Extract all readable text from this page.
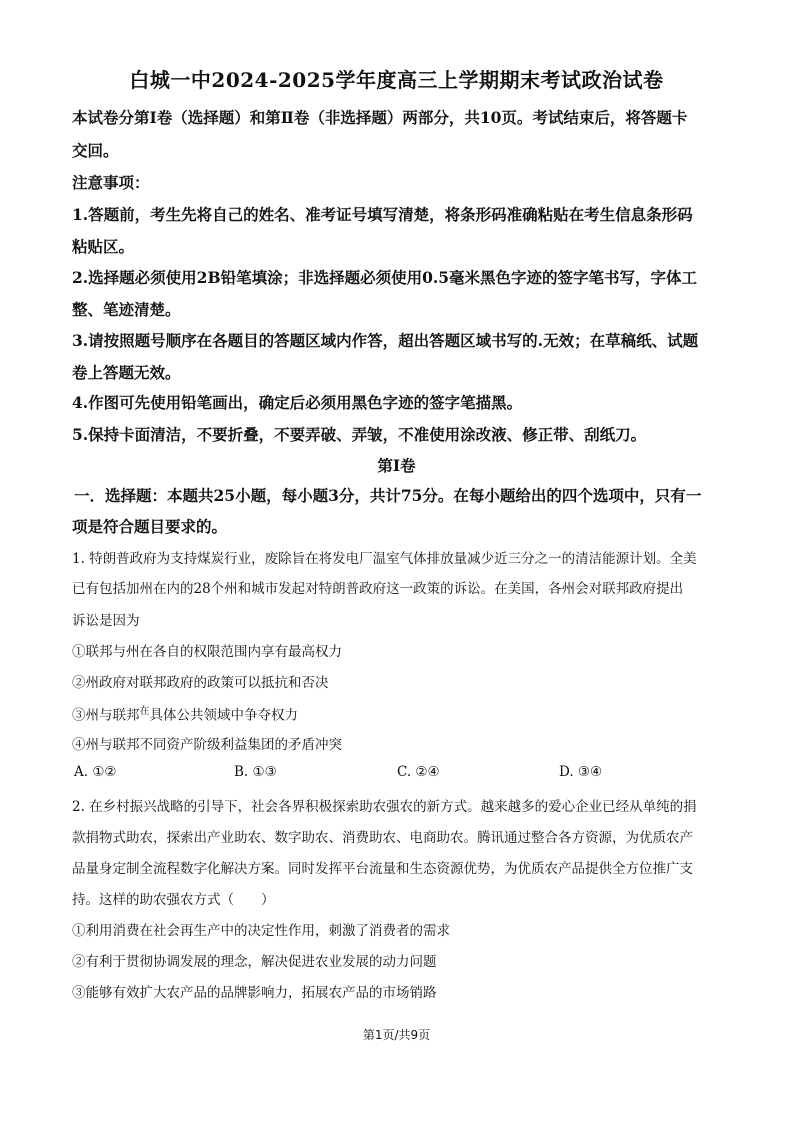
白城一中2024-2025学年度高三上学期期末考试政治试卷
本试卷分第Ⅰ卷（选择题）和第Ⅱ卷（非选择题）两部分，共10页。考试结束后，将答题卡
交回。
注意事项：
1.答题前，考生先将自己的姓名、准考证号填写清楚，将条形码准确粘贴在考生信息条形码
粘贴区。
2.选择题必须使用2B铅笔填涂；非选择题必须使用0.5毫米黑色字迹的签字笔书写，字体工
整、笔迹清楚。
3.请按照题号顺序在各题目的答题区域内作答，超出答题区域书写的.无效；在草稿纸、试题
卷上答题无效。
4.作图可先使用铅笔画出，确定后必须用黑色字迹的签字笔描黑。
5.保持卡面清洁，不要折叠，不要弄破、弄皱，不准使用涂改液、修正带、刮纸刀。
第Ⅰ卷
一．选择题：本题共25小题，每小题3分，共计75分。在每小题给出的四个选项中，只有一
项是符合题目要求的。
1. 特朗普政府为支持煤炭行业，废除旨在将发电厂温室气体排放量减少近三分之一的清洁能源计划。全美
已有包括加州在内的28个州和城市发起对特朗普政府这一政策的诉讼。在美国，各州会对联邦政府提出
诉讼是因为
①联邦与州在各自的权限范围内享有最高权力
②州政府对联邦政府的政策可以抵抗和否决
③州与联邦$^在$具体公共领域中争夺权力
④州与联邦不同资产阶级利益集团的矛盾冲突
A. ①②	B. ①③	C. ②④	D. ③④
2. 在乡村振兴战略的引导下，社会各界积极探索助农强农的新方式。越来越多的爱心企业已经从单纯的捐
款捐物式助农，探索出产业助农、数字助农、消费助农、电商助农。腾讯通过整合各方资源，为优质农产
品量身定制全流程数字化解决方案。同时发挥平台流量和生态资源优势，为优质农产品提供全方位推广支
持。这样的助农强农方式（　　）
①利用消费在社会再生产中的决定性作用，刺激了消费者的需求
②有利于贯彻协调发展的理念，解决促进农业发展的动力问题
③能够有效扩大农产品的品牌影响力，拓展农产品的市场销路
第1页/共9页
